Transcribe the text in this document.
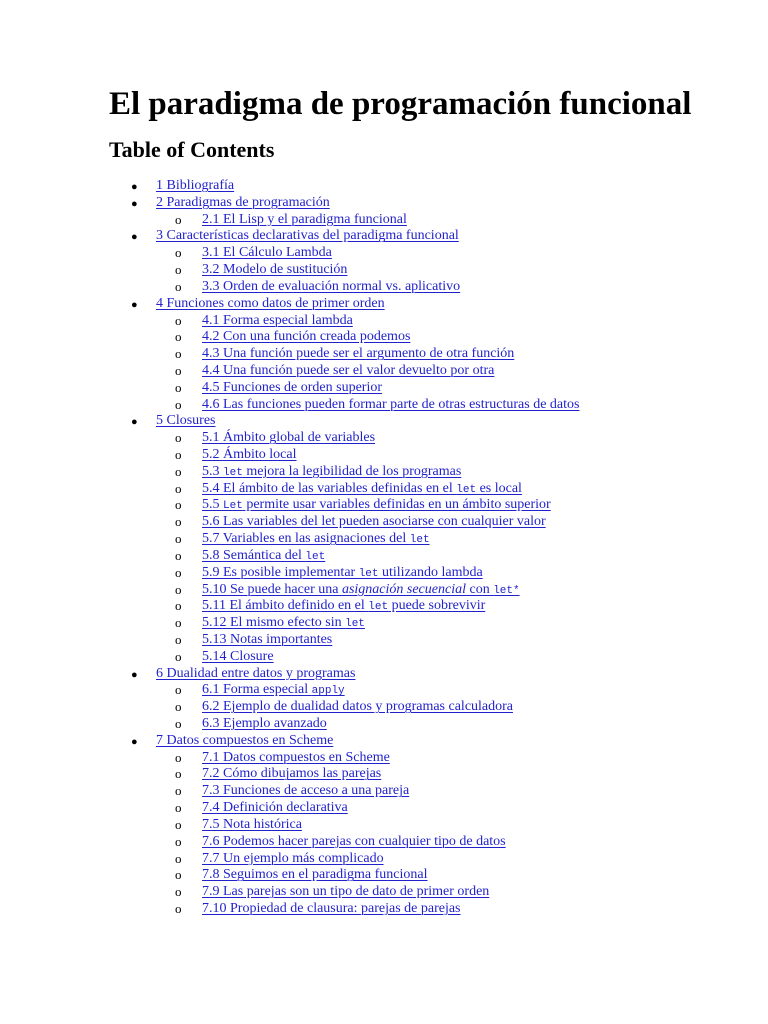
El paradigma de programación funcional
Table of Contents
● 1 Bibliografía
● 2 Paradigmas de programación
o 2.1 El Lisp y el paradigma funcional
● 3 Características declarativas del paradigma funcional
o 3.1 El Cálculo Lambda
o 3.2 Modelo de sustitución
o 3.3 Orden de evaluación normal vs. aplicativo
● 4 Funciones como datos de primer orden
o 4.1 Forma especial lambda
o 4.2 Con una función creada podemos
o 4.3 Una función puede ser el argumento de otra función
o 4.4 Una función puede ser el valor devuelto por otra
o 4.5 Funciones de orden superior
o 4.6 Las funciones pueden formar parte de otras estructuras de datos
● 5 Closures
o 5.1 Ámbito global de variables
o 5.2 Ámbito local
o 5.3 let mejora la legibilidad de los programas
o 5.4 El ámbito de las variables definidas en el let es local
o 5.5 Let permite usar variables definidas en un ámbito superior
o 5.6 Las variables del let pueden asociarse con cualquier valor
o 5.7 Variables en las asignaciones del let
o 5.8 Semántica del let
o 5.9 Es posible implementar let utilizando lambda
o 5.10 Se puede hacer una asignación secuencial con let*
o 5.11 El ámbito definido en el let puede sobrevivir
o 5.12 El mismo efecto sin let
o 5.13 Notas importantes
o 5.14 Closure
● 6 Dualidad entre datos y programas
o 6.1 Forma especial apply
o 6.2 Ejemplo de dualidad datos y programas calculadora
o 6.3 Ejemplo avanzado
● 7 Datos compuestos en Scheme
o 7.1 Datos compuestos en Scheme
o 7.2 Cómo dibujamos las parejas
o 7.3 Funciones de acceso a una pareja
o 7.4 Definición declarativa
o 7.5 Nota histórica
o 7.6 Podemos hacer parejas con cualquier tipo de datos
o 7.7 Un ejemplo más complicado
o 7.8 Seguimos en el paradigma funcional
o 7.9 Las parejas son un tipo de dato de primer orden
o 7.10 Propiedad de clausura: parejas de parejas
